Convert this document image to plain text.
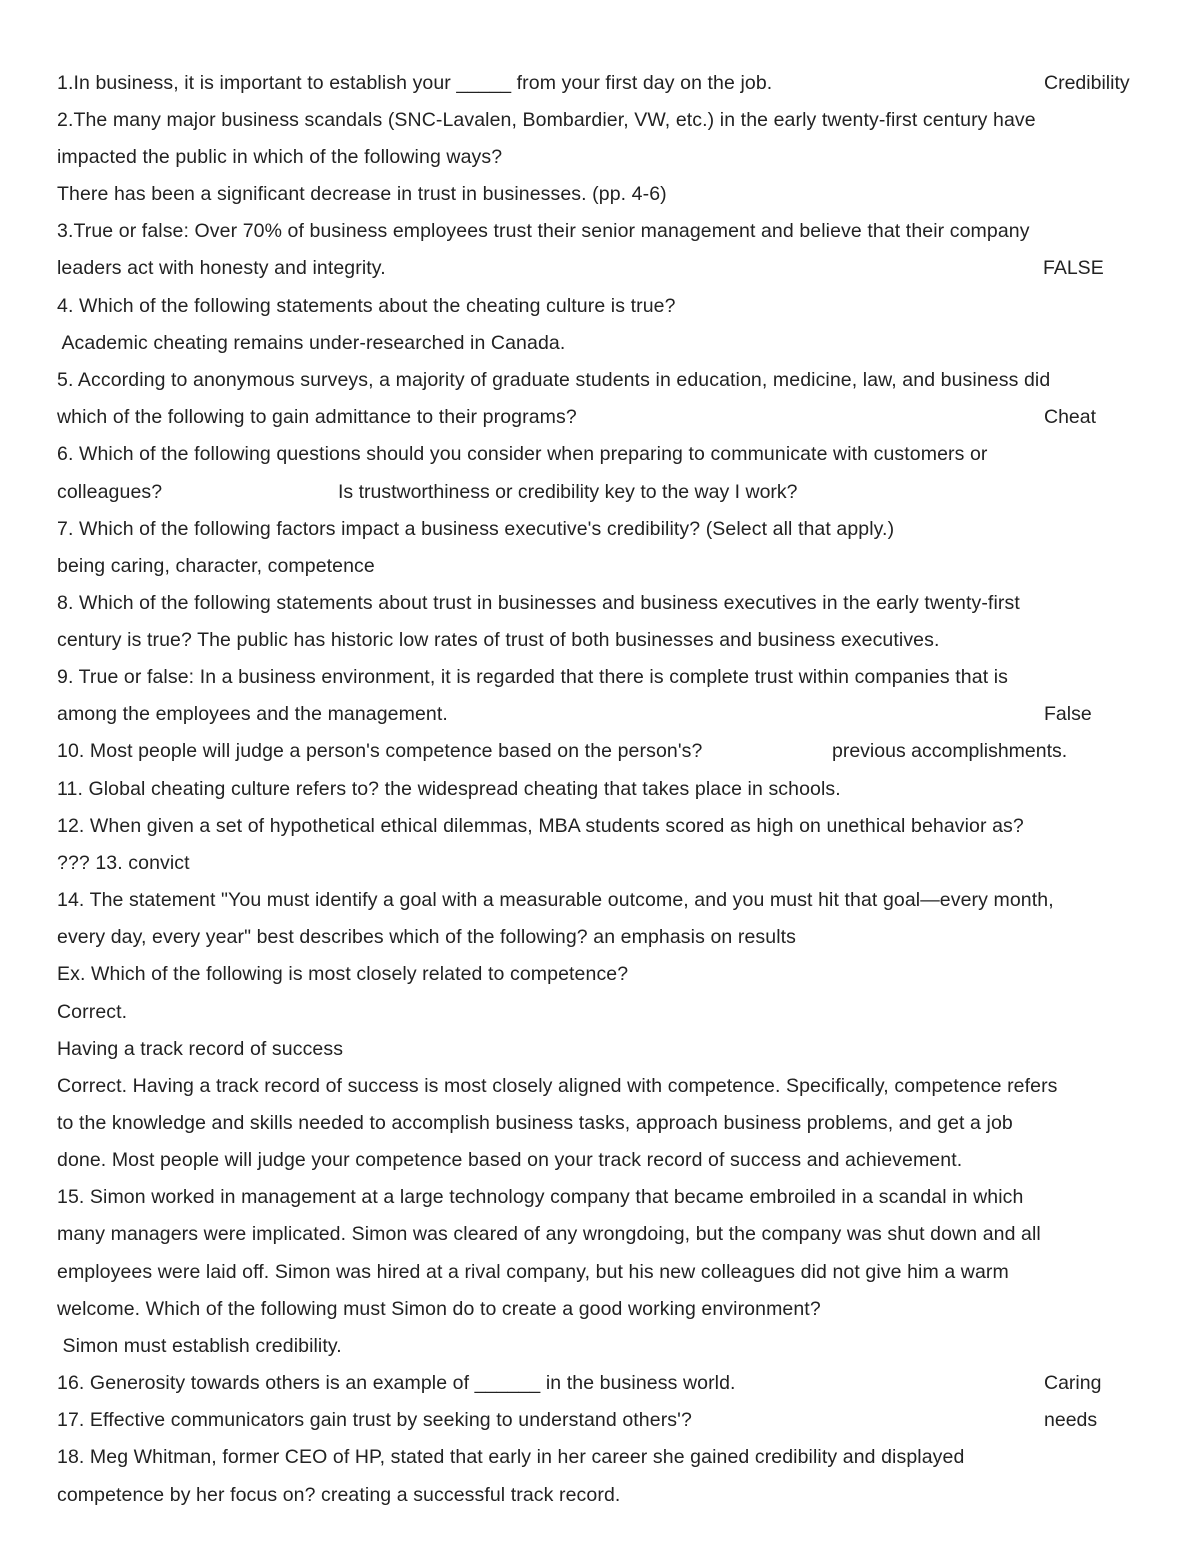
1.In business, it is important to establish your _____ from your first day on the job.	Credibility
2.The many major business scandals (SNC-Lavalen, Bombardier, VW, etc.) in the early twenty-first century have
impacted the public in which of the following ways?
There has been a significant decrease in trust in businesses. (pp. 4-6)
3.True or false: Over 70% of business employees trust their senior management and believe that their company
leaders act with honesty and integrity.	FALSE
4. Which of the following statements about the cheating culture is true?
Academic cheating remains under-researched in Canada.
5. According to anonymous surveys, a majority of graduate students in education, medicine, law, and business did
which of the following to gain admittance to their programs?	Cheat
6. Which of the following questions should you consider when preparing to communicate with customers or
colleagues?	Is trustworthiness or credibility key to the way I work?
7. Which of the following factors impact a business executive's credibility? (Select all that apply.)
being caring, character, competence
8. Which of the following statements about trust in businesses and business executives in the early twenty-first
century is true? The public has historic low rates of trust of both businesses and business executives.
9. True or false: In a business environment, it is regarded that there is complete trust within companies that is
among the employees and the management.	False
10. Most people will judge a person's competence based on the person's?	previous accomplishments.
11. Global cheating culture refers to? the widespread cheating that takes place in schools.
12. When given a set of hypothetical ethical dilemmas, MBA students scored as high on unethical behavior as?
??? 13. convict
14. The statement "You must identify a goal with a measurable outcome, and you must hit that goal—every month,
every day, every year" best describes which of the following? an emphasis on results
Ex. Which of the following is most closely related to competence?
Correct.
Having a track record of success
Correct. Having a track record of success is most closely aligned with competence. Specifically, competence refers
to the knowledge and skills needed to accomplish business tasks, approach business problems, and get a job
done. Most people will judge your competence based on your track record of success and achievement.
15. Simon worked in management at a large technology company that became embroiled in a scandal in which
many managers were implicated. Simon was cleared of any wrongdoing, but the company was shut down and all
employees were laid off. Simon was hired at a rival company, but his new colleagues did not give him a warm
welcome. Which of the following must Simon do to create a good working environment?
Simon must establish credibility.
16. Generosity towards others is an example of ______ in the business world.	Caring
17. Effective communicators gain trust by seeking to understand others'?	needs
18. Meg Whitman, former CEO of HP, stated that early in her career she gained credibility and displayed
competence by her focus on? creating a successful track record.
